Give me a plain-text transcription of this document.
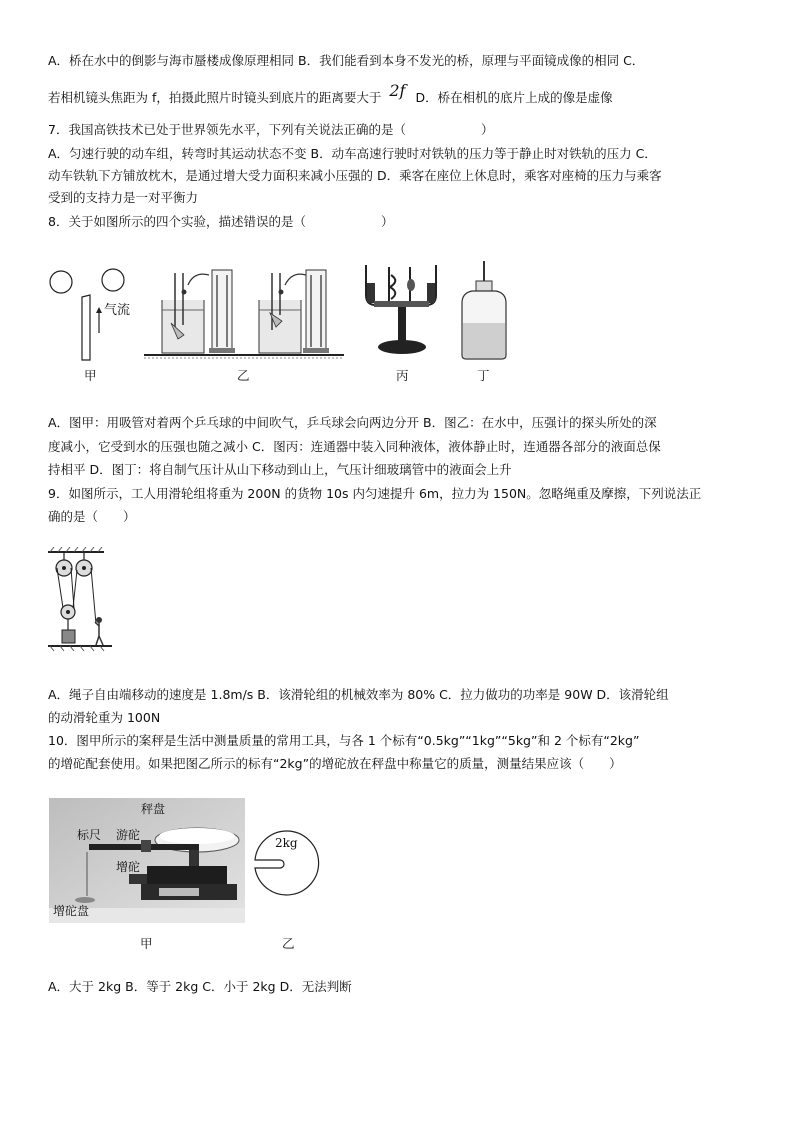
A．桥在水中的倒影与海市蜃楼成像原理相同 B．我们能看到本身不发光的桥，原理与平面镜成像的相同 C．
若相机镜头焦距为 f，拍摄此照片时镜头到底片的距离要大于 2f D．桥在相机的底片上成的像是虚像
7．我国高铁技术已处于世界领先水平，下列有关说法正确的是（　　　　　　）
A．匀速行驶的动车组，转弯时其运动状态不变 B．动车高速行驶时对铁轨的压力等于静止时对铁轨的压力 C．
动车铁轨下方铺放枕木，是通过增大受力面积来减小压强的 D．乘客在座位上休息时，乘客对座椅的压力与乘客
受到的支持力是一对平衡力
8．关于如图所示的四个实验，描述错误的是（　　　　　　）
气流
甲	乙	丙	丁
A．图甲：用吸管对着两个乒乓球的中间吹气，乒乓球会向两边分开 B．图乙：在水中，压强计的探头所处的深
度减小，它受到水的压强也随之减小 C．图丙：连通器中装入同种液体，液体静止时，连通器各部分的液面总保
持相平 D．图丁：将自制气压计从山下移动到山上，气压计细玻璃管中的液面会上升
9．如图所示，工人用滑轮组将重为 200N 的货物 10s 内匀速提升 6m，拉力为 150N。忽略绳重及摩擦，下列说法正
确的是（　　）
A．绳子自由端移动的速度是 1.8m/s B．该滑轮组的机械效率为 80% C．拉力做功的功率是 90W D．该滑轮组
的动滑轮重为 100N
10．图甲所示的案秤是生活中测量质量的常用工具，与各 1 个标有“0.5kg”“1kg”“5kg”和 2 个标有“2kg”
的增砣配套使用。如果把图乙所示的标有“2kg”的增砣放在秤盘中称量它的质量，测量结果应该（　　）
秤盘
标尺 游砣
增砣
增砣盘
2kg
甲	乙
A．大于 2kg B．等于 2kg C．小于 2kg D．无法判断
